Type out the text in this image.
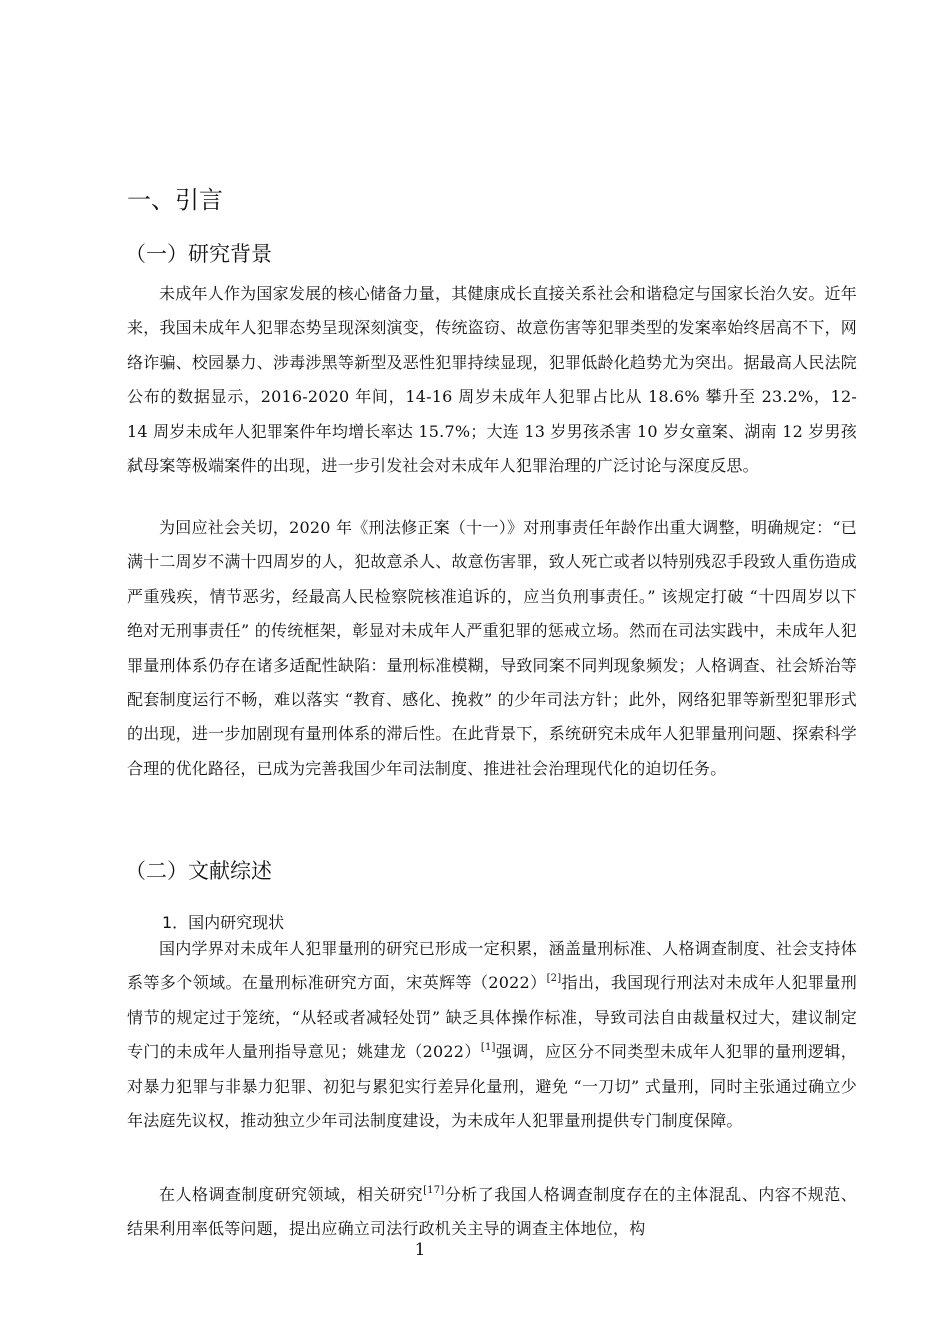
一、引言
（一）研究背景

未成年人作为国家发展的核心储备力量，其健康成长直接关系社会和谐稳定与国家长治久安。近年来，我国未成年人犯罪态势呈现深刻演变，传统盗窃、故意伤害等犯罪类型的发案率始终居高不下，网络诈骗、校园暴力、涉毒涉黑等新型及恶性犯罪持续显现，犯罪低龄化趋势尤为突出。据最高人民法院公布的数据显示，2016-2020 年间，14-16 周岁未成年人犯罪占比从 18.6% 攀升至 23.2%，12-14 周岁未成年人犯罪案件年均增长率达 15.7%；大连 13 岁男孩杀害 10 岁女童案、湖南 12 岁男孩弑母案等极端案件的出现，进一步引发社会对未成年人犯罪治理的广泛讨论与深度反思。

为回应社会关切，2020 年《刑法修正案（十一）》对刑事责任年龄作出重大调整，明确规定：“已满十二周岁不满十四周岁的人，犯故意杀人、故意伤害罪，致人死亡或者以特别残忍手段致人重伤造成严重残疾，情节恶劣，经最高人民检察院核准追诉的，应当负刑事责任。” 该规定打破 “十四周岁以下绝对无刑事责任” 的传统框架，彰显对未成年人严重犯罪的惩戒立场。然而在司法实践中，未成年人犯罪量刑体系仍存在诸多适配性缺陷：量刑标准模糊，导致同案不同判现象频发；人格调查、社会矫治等配套制度运行不畅，难以落实 “教育、感化、挽救” 的少年司法方针；此外，网络犯罪等新型犯罪形式的出现，进一步加剧现有量刑体系的滞后性。在此背景下，系统研究未成年人犯罪量刑问题、探索科学合理的优化路径，已成为完善我国少年司法制度、推进社会治理现代化的迫切任务。

（二）文献综述
1．国内研究现状

国内学界对未成年人犯罪量刑的研究已形成一定积累，涵盖量刑标准、人格调查制度、社会支持体系等多个领域。在量刑标准研究方面，宋英辉等（2022）[2]指出，我国现行刑法对未成年人犯罪量刑情节的规定过于笼统，“从轻或者减轻处罚” 缺乏具体操作标准，导致司法自由裁量权过大，建议制定专门的未成年人量刑指导意见；姚建龙（2022）[1]强调，应区分不同类型未成年人犯罪的量刑逻辑，对暴力犯罪与非暴力犯罪、初犯与累犯实行差异化量刑，避免 “一刀切” 式量刑，同时主张通过确立少年法庭先议权，推动独立少年司法制度建设，为未成年人犯罪量刑提供专门制度保障。

在人格调查制度研究领域，相关研究[17]分析了我国人格调查制度存在的主体混乱、内容不规范、结果利用率低等问题，提出应确立司法行政机关主导的调查主体地位，构

1
